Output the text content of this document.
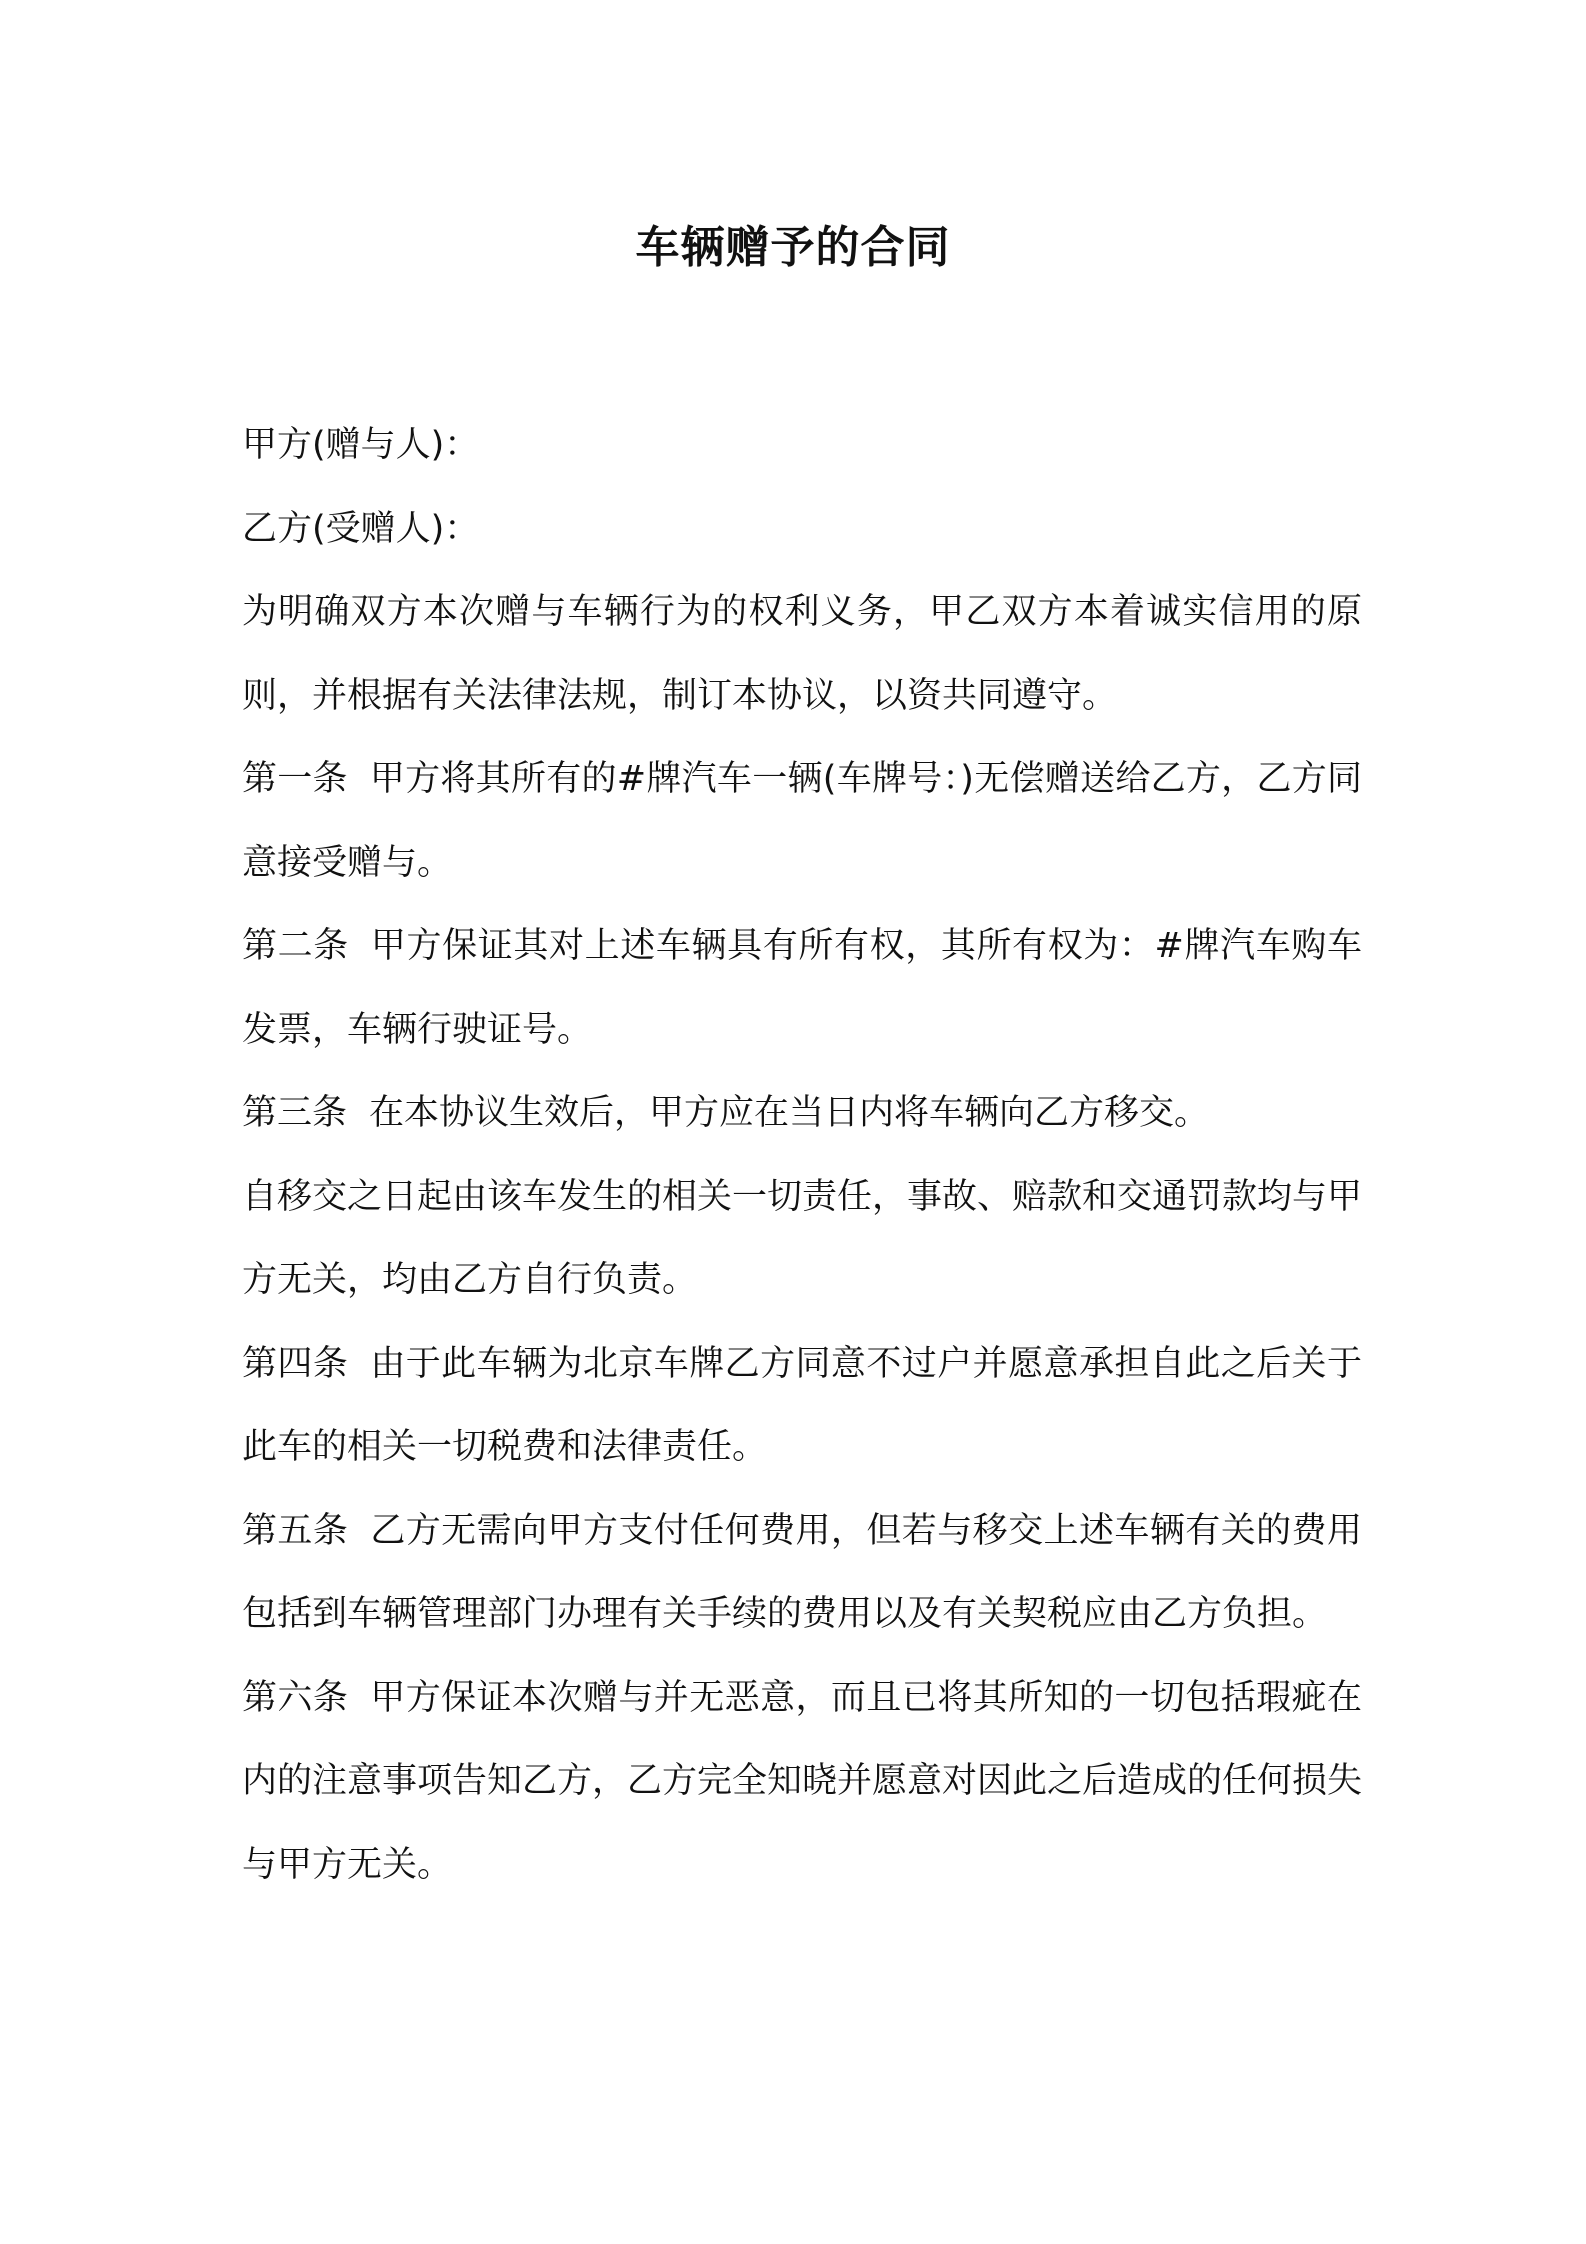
车辆赠予的合同

甲方(赠与人)：

乙方(受赠人)：

为明确双方本次赠与车辆行为的权利义务，甲乙双方本着诚实信用的原则，并根据有关法律法规，制订本协议，以资共同遵守。

第一条 甲方将其所有的#牌汽车一辆(车牌号：)无偿赠送给乙方，乙方同意接受赠与。

第二条 甲方保证其对上述车辆具有所有权，其所有权为：#牌汽车购车发票，车辆行驶证号。

第三条 在本协议生效后，甲方应在当日内将车辆向乙方移交。

自移交之日起由该车发生的相关一切责任，事故、赔款和交通罚款均与甲方无关，均由乙方自行负责。

第四条 由于此车辆为北京车牌乙方同意不过户并愿意承担自此之后关于此车的相关一切税费和法律责任。

第五条 乙方无需向甲方支付任何费用，但若与移交上述车辆有关的费用包括到车辆管理部门办理有关手续的费用以及有关契税应由乙方负担。

第六条 甲方保证本次赠与并无恶意，而且已将其所知的一切包括瑕疵在内的注意事项告知乙方，乙方完全知晓并愿意对因此之后造成的任何损失与甲方无关。
